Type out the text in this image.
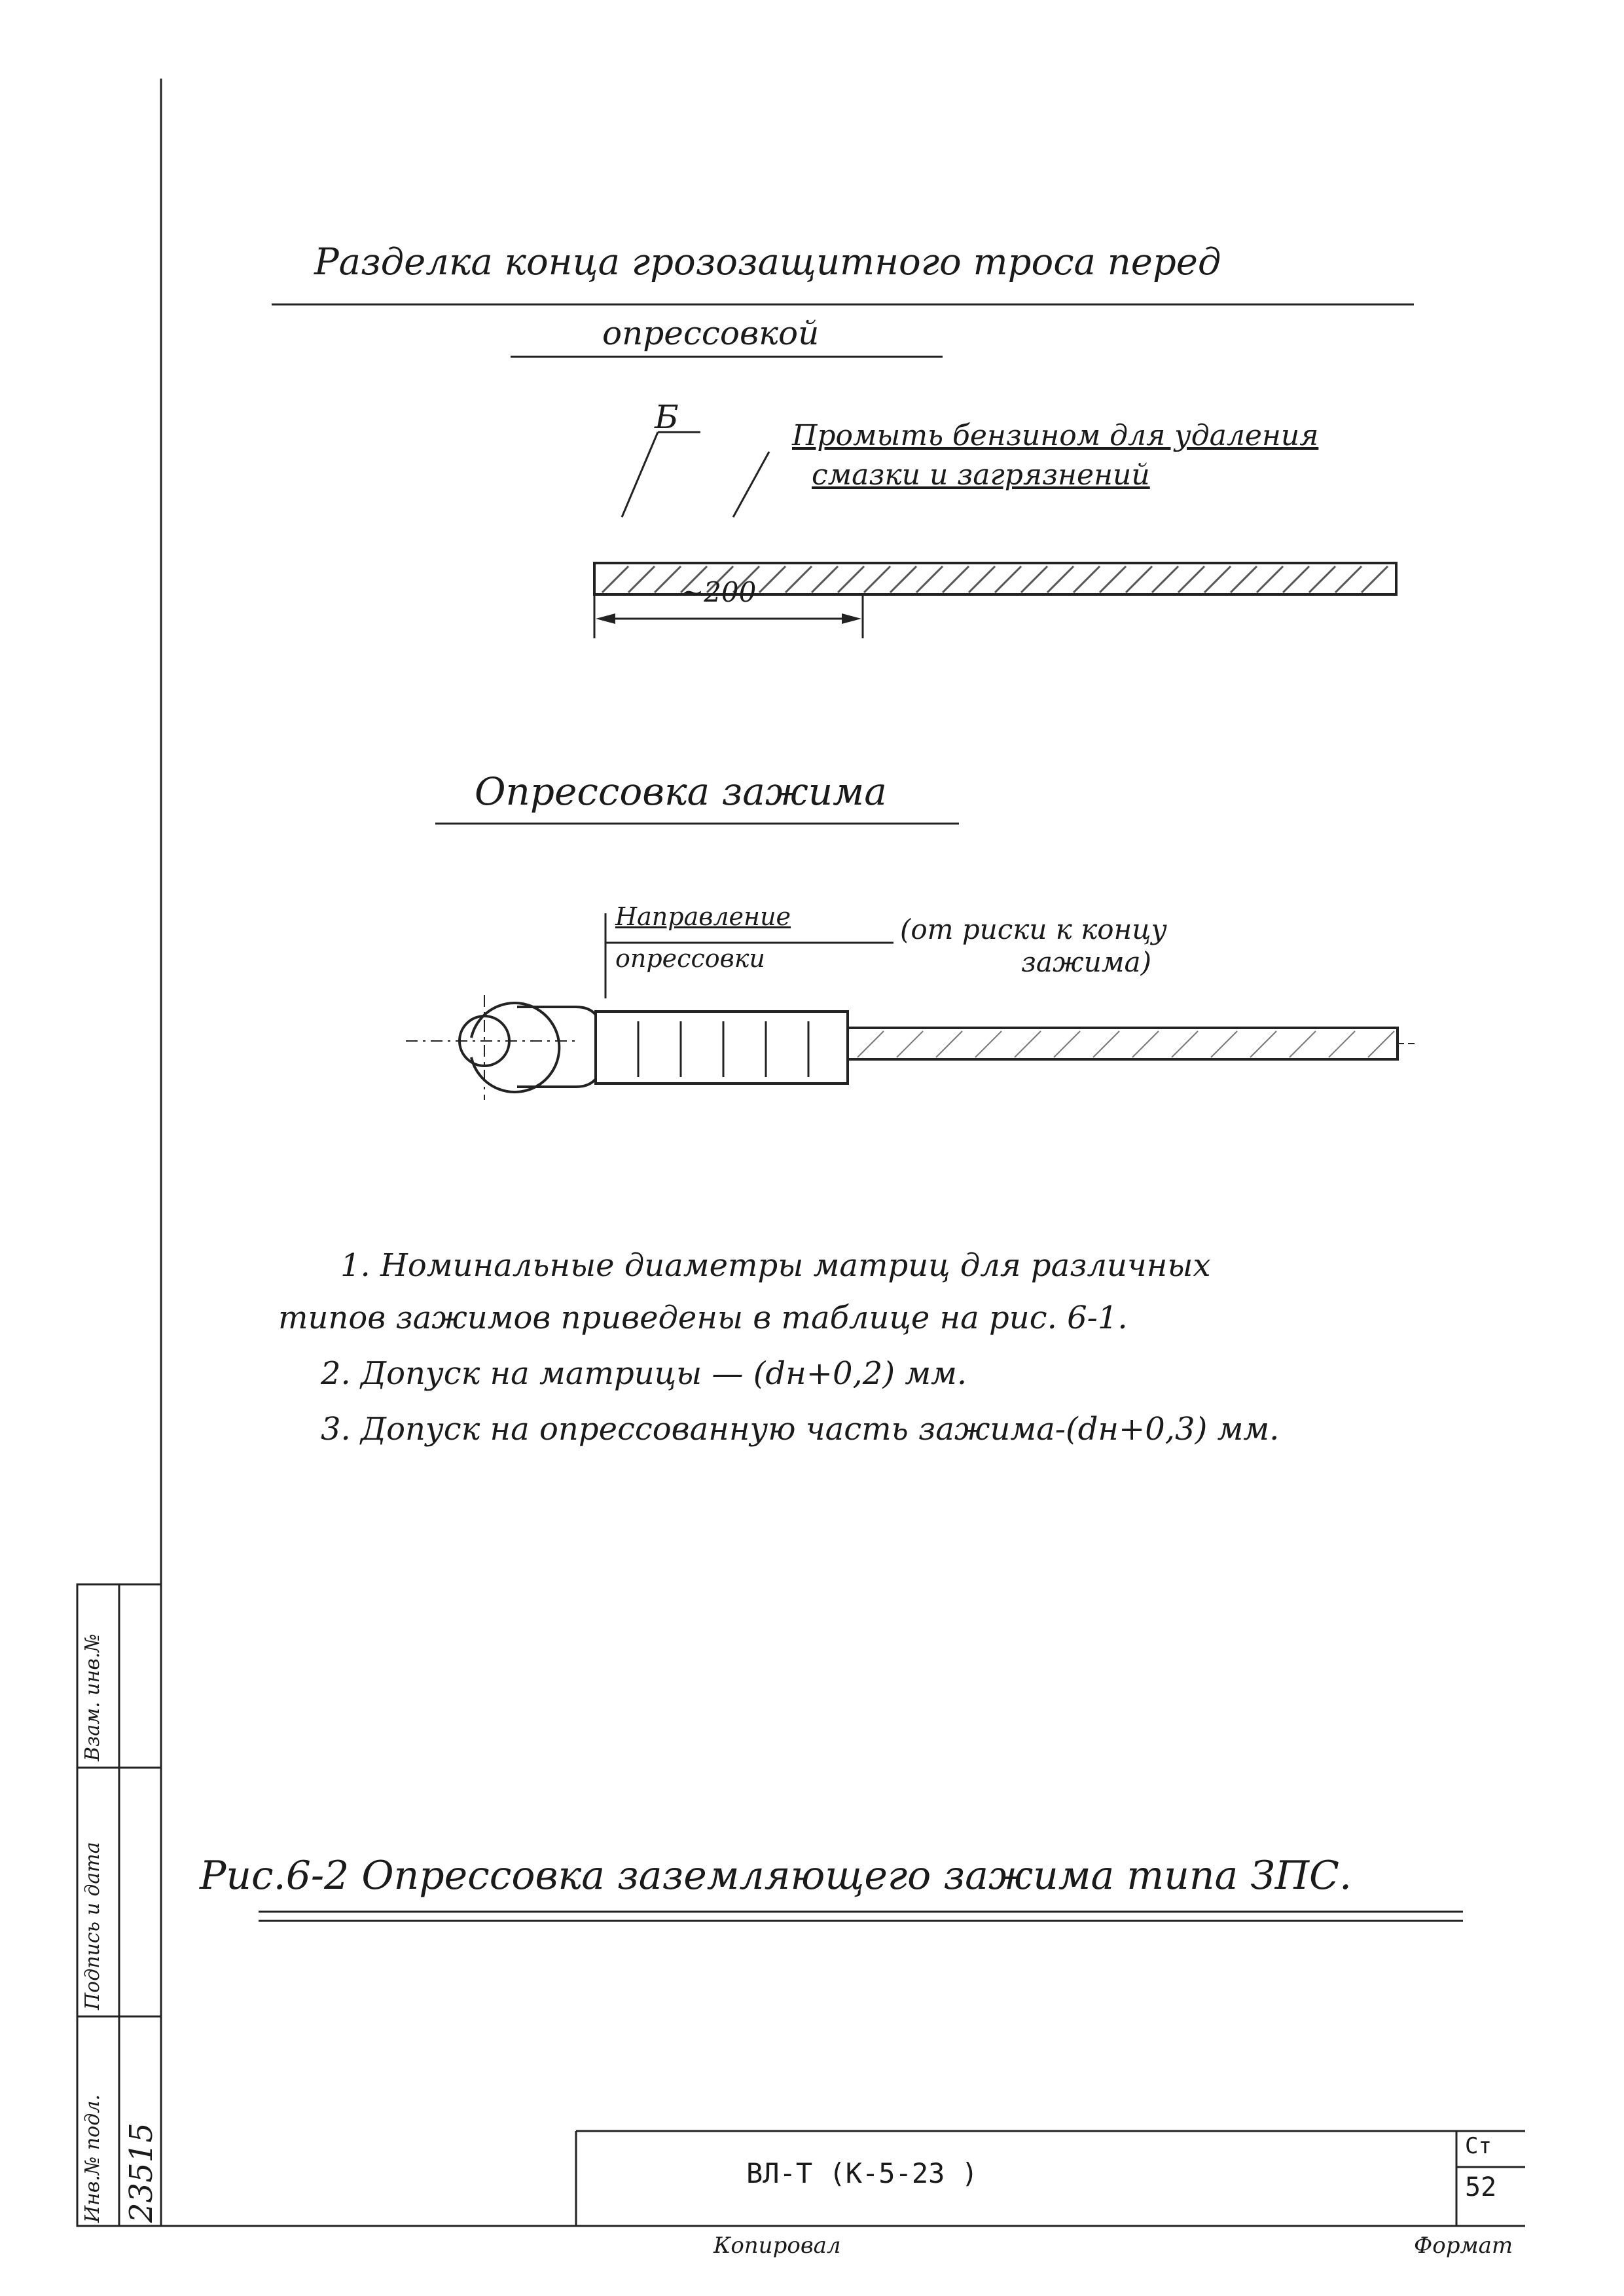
Разделка конца грозозащитного троса перед
опрессовкой
Б	Промыть бензином для удаления
смазки и загрязнений
~200
Опрессовка зажима
Направление
опрессовки
(от риски к концу
зажима)
1. Номинальные диаметры матриц для различных
типов зажимов приведены в таблице на рис. 6-1.
2. Допуск на матрицы — (dн+0,2) мм.
3. Допуск на опрессованную часть зажима-(dн+0,3) мм.
Рис.6-2 Опрессовка заземляющего зажима типа ЗПС.
Инв.№ подл. 23515
Подпись и дата
Взам. инв.№
ВЛ-Т (К-5-23 )
Ст
52
Копировал	Формат
